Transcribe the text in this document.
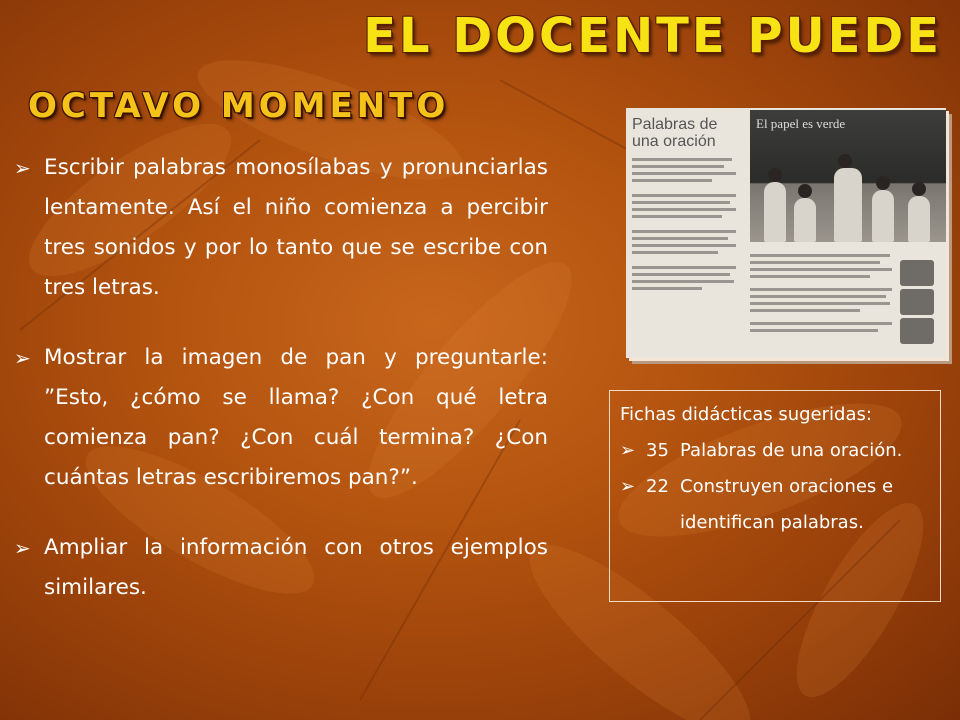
EL DOCENTE PUEDE
OCTAVO MOMENTO
➢ Escribir palabras monosílabas y pronunciarlas lentamente. Así el niño comienza a percibir tres sonidos y por lo tanto que se escribe con tres letras.
➢ Mostrar la imagen de pan y preguntarle: ”Esto, ¿cómo se llama? ¿Con qué letra comienza pan? ¿Con cuál termina? ¿Con cuántas letras escribiremos pan?”.
➢ Ampliar la información con otros ejemplos similares.
Palabras de una oración
El papel es verde
Fichas didácticas sugeridas:
➢ 35 Palabras de una oración.
➢ 22 Construyen oraciones e identifican palabras.
